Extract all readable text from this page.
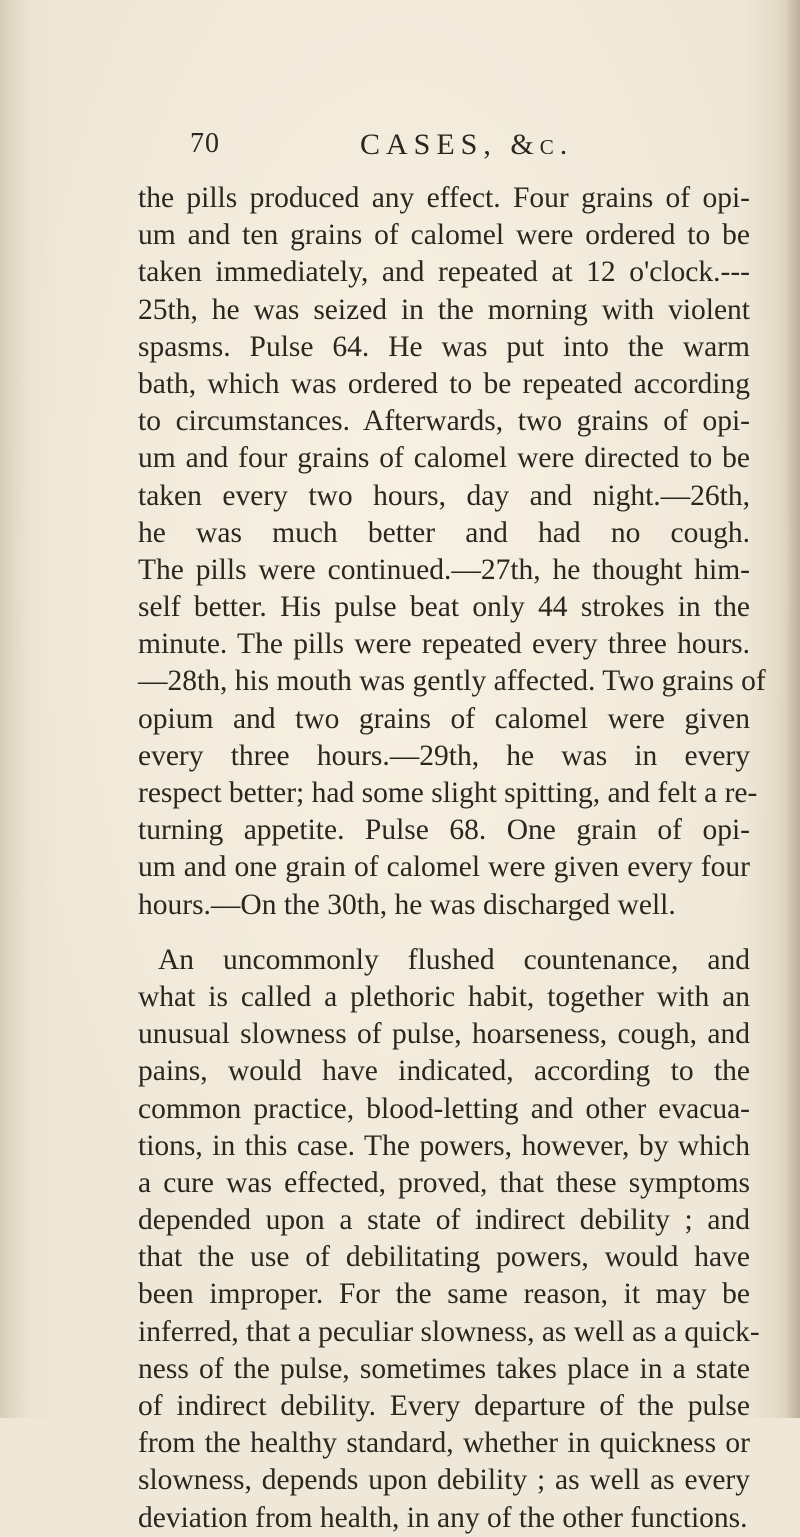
70	CASES, &c.
the pills produced any effect. Four grains of opi-
um and ten grains of calomel were ordered to be
taken immediately, and repeated at 12 o'clock.---
25th, he was seized in the morning with violent
spasms. Pulse 64. He was put into the warm
bath, which was ordered to be repeated according
to circumstances. Afterwards, two grains of opi-
um and four grains of calomel were directed to be
taken every two hours, day and night.—26th,
he was much better and had no cough.
The pills were continued.—27th, he thought him-
self better. His pulse beat only 44 strokes in the
minute. The pills were repeated every three hours.
—28th, his mouth was gently affected. Two grains of
opium and two grains of calomel were given
every three hours.—29th, he was in every
respect better; had some slight spitting, and felt a re-
turning appetite. Pulse 68. One grain of opi-
um and one grain of calomel were given every four
hours.—On the 30th, he was discharged well.
An uncommonly flushed countenance, and
what is called a plethoric habit, together with an
unusual slowness of pulse, hoarseness, cough, and
pains, would have indicated, according to the
common practice, blood-letting and other evacua-
tions, in this case. The powers, however, by which
a cure was effected, proved, that these symptoms
depended upon a state of indirect debility ; and
that the use of debilitating powers, would have
been improper. For the same reason, it may be
inferred, that a peculiar slowness, as well as a quick-
ness of the pulse, sometimes takes place in a state
of indirect debility. Every departure of the pulse
from the healthy standard, whether in quickness or
slowness, depends upon debility ; as well as every
deviation from health, in any of the other functions.
